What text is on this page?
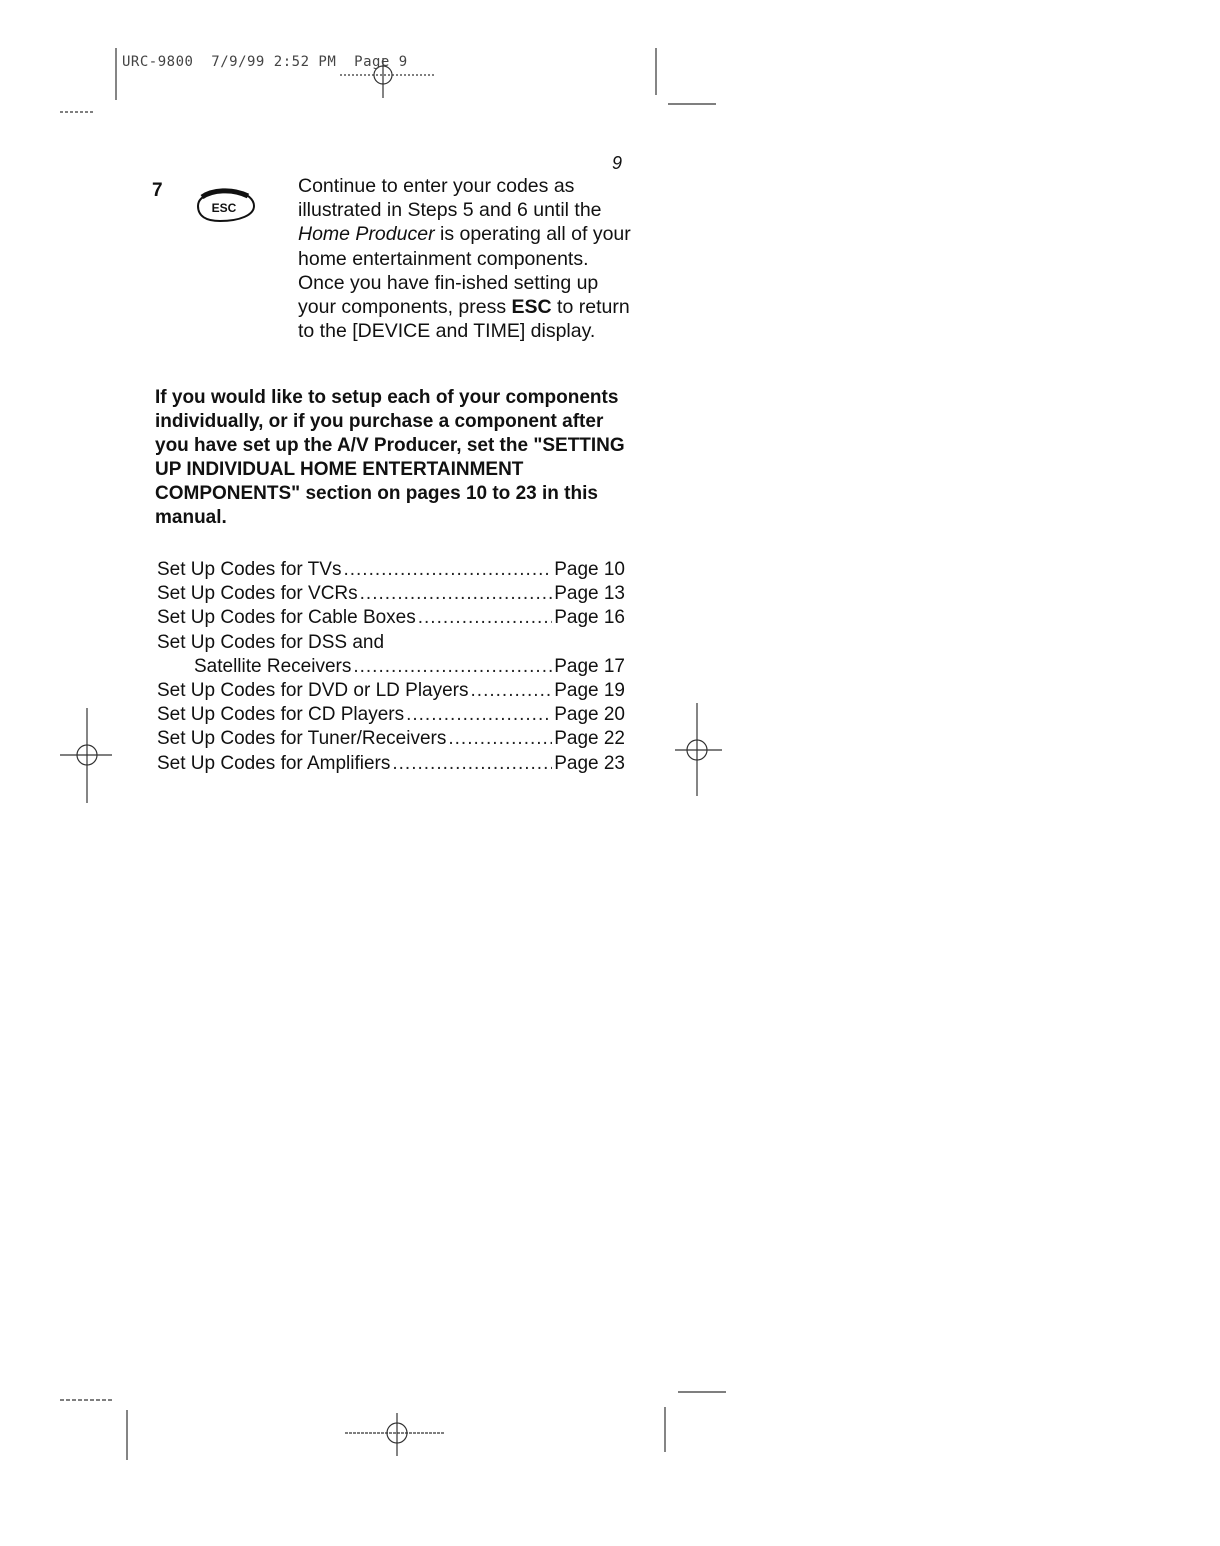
URC-9800  7/9/99 2:52 PM  Page 9
9
7
ESC
Continue to enter your codes as illustrated in Steps 5 and 6 until the Home Producer is operating all of your home entertainment components. Once you have fin-ished setting up your components, press ESC to return to the [DEVICE and TIME] display.
If you would like to setup each of your components individually, or if you purchase a component after you have set up the A/V Producer, set the "SETTING UP INDIVIDUAL HOME ENTERTAINMENT COMPONENTS" section on pages 10 to 23 in this manual.
Set Up Codes for TVs .....	Page 10
Set Up Codes for VCRs .....	Page 13
Set Up Codes for Cable Boxes .....	Page 16
Set Up Codes for DSS and
Satellite Receivers .....	Page 17
Set Up Codes for DVD or LD Players .....	Page 19
Set Up Codes for CD Players .....	Page 20
Set Up Codes for Tuner/Receivers .....	Page 22
Set Up Codes for Amplifiers .....	Page 23
